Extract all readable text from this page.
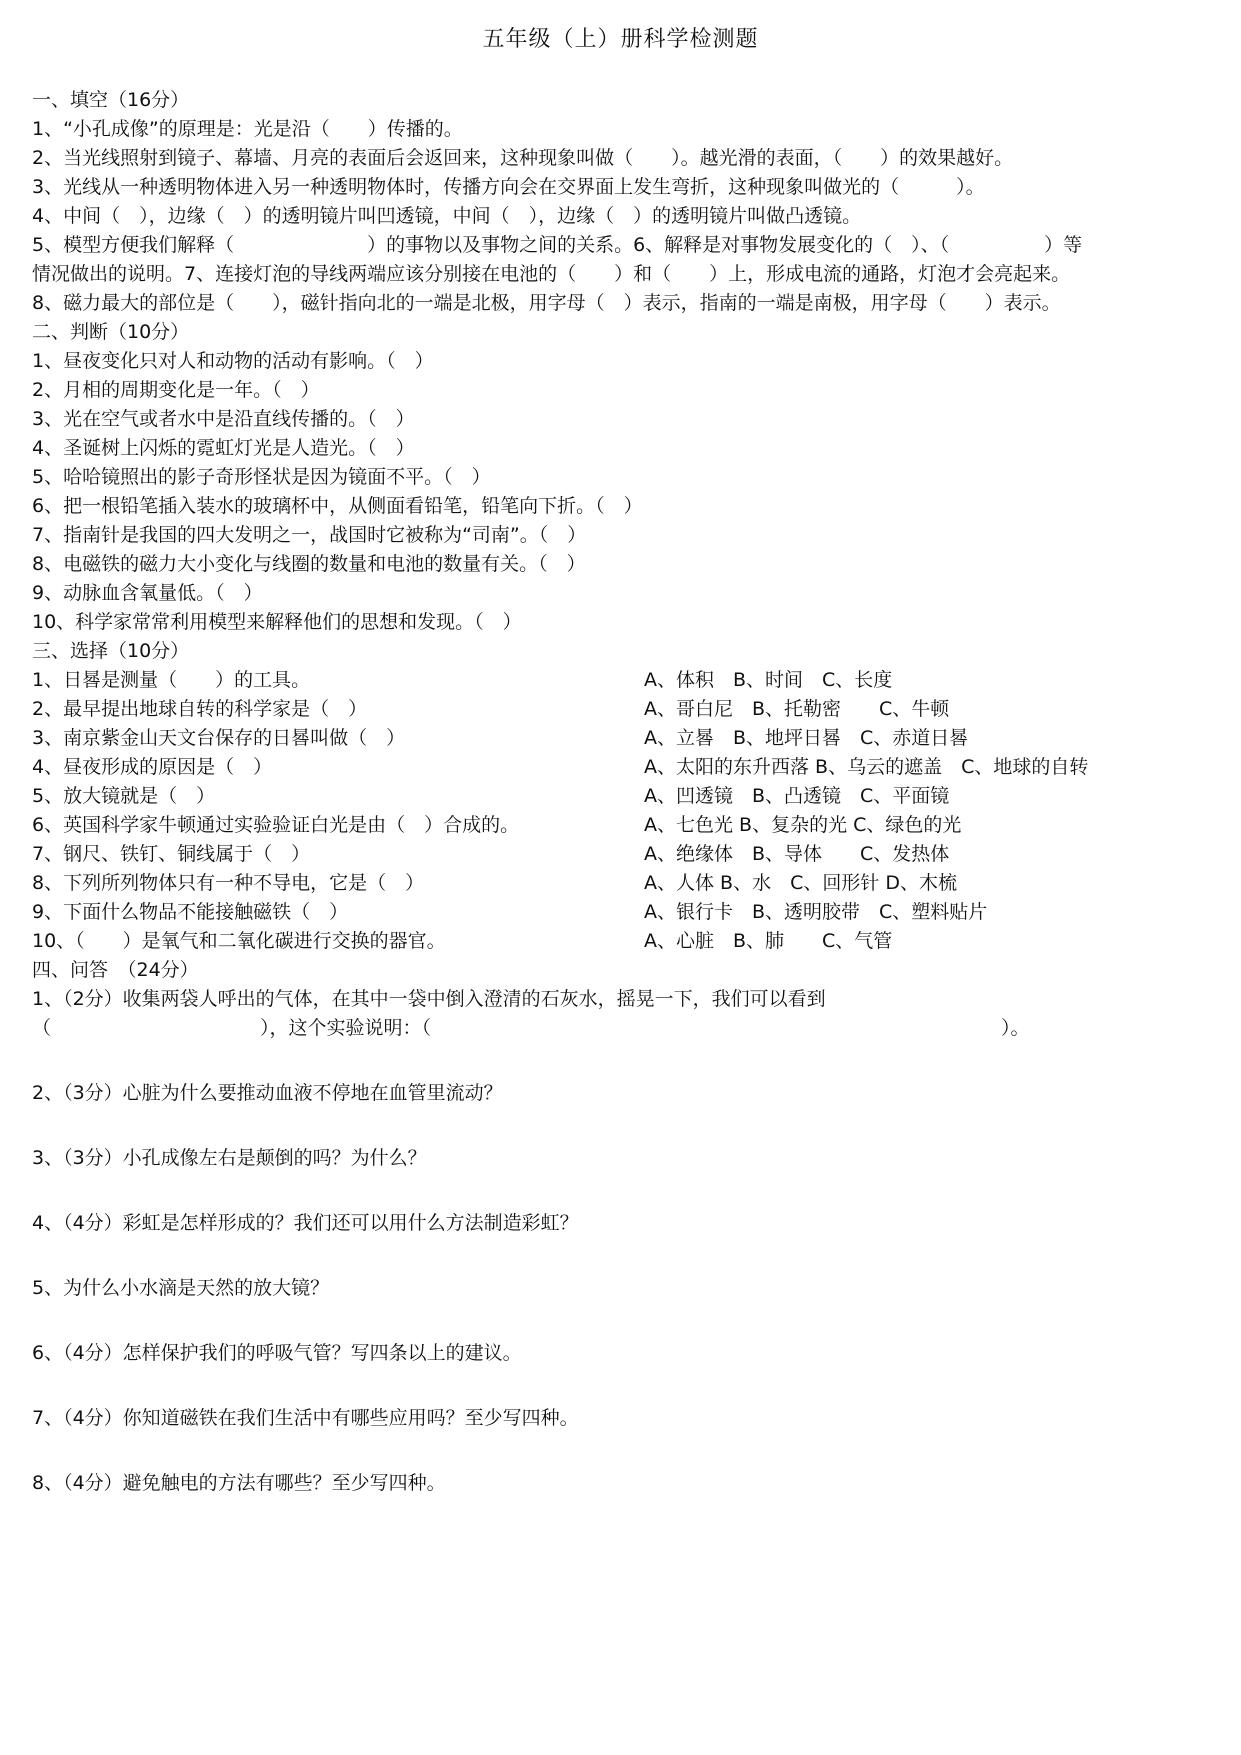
五年级（上）册科学检测题
一、填空（16分）
1、“小孔成像”的原理是：光是沿（　　）传播的。
2、当光线照射到镜子、幕墙、月亮的表面后会返回来，这种现象叫做（　　）。越光滑的表面，（　　）的效果越好。
3、光线从一种透明物体进入另一种透明物体时，传播方向会在交界面上发生弯折，这种现象叫做光的（　　　）。
4、中间（　），边缘（　）的透明镜片叫凹透镜，中间（　），边缘（　）的透明镜片叫做凸透镜。
5、模型方便我们解释（　　　　　　　）的事物以及事物之间的关系。6、解释是对事物发展变化的（　）、（　　　　　）等
情况做出的说明。7、连接灯泡的导线两端应该分别接在电池的（　　）和（　　）上，形成电流的通路，灯泡才会亮起来。
8、磁力最大的部位是（　　），磁针指向北的一端是北极，用字母（　）表示，指南的一端是南极，用字母（　　）表示。
二、判断（10分）
1、昼夜变化只对人和动物的活动有影响。（　）
2、月相的周期变化是一年。（　）
3、光在空气或者水中是沿直线传播的。（　）
4、圣诞树上闪烁的霓虹灯光是人造光。（　）
5、哈哈镜照出的影子奇形怪状是因为镜面不平。（　）
6、把一根铅笔插入装水的玻璃杯中，从侧面看铅笔，铅笔向下折。（　）
7、指南针是我国的四大发明之一，战国时它被称为“司南”。（　）
8、电磁铁的磁力大小变化与线圈的数量和电池的数量有关。（　）
9、动脉血含氧量低。（　）
10、科学家常常利用模型来解释他们的思想和发现。（　）
三、选择（10分）

1、日晷是测量（　　）的工具。

	A、体积　B、时间　C、长度

2、最早提出地球自转的科学家是（　）

	A、哥白尼　B、托勒密　　C、牛顿

3、南京紫金山天文台保存的日晷叫做（　）

	A、立晷　B、地坪日晷　C、赤道日晷

4、昼夜形成的原因是（　）

	A、太阳的东升西落 B、乌云的遮盖　C、地球的自转

5、放大镜就是（　）

	A、凹透镜　B、凸透镜　C、平面镜

6、英国科学家牛顿通过实验验证白光是由（　）合成的。

	A、七色光 B、复杂的光 C、绿色的光

7、钢尺、铁钉、铜线属于（　）

	A、绝缘体　B、导体　　C、发热体

8、下列所列物体只有一种不导电，它是（　）

	A、人体 B、水　C、回形针 D、木梳

9、下面什么物品不能接触磁铁（　）

	A、银行卡　B、透明胶带　C、塑料贴片

10、（　　）是氧气和二氧化碳进行交换的器官。

	A、心脏　B、肺　　C、气管

四、问答　（24分）
1、（2分）收集两袋人呼出的气体，在其中一袋中倒入澄清的石灰水，摇晃一下，我们可以看到
（　　　　　　　　　　　），这个实验说明：（　　　　　　　　　　　　　　　　　　　　　　　　　　　　　　）。
2、（3分）心脏为什么要推动血液不停地在血管里流动？
3、（3分）小孔成像左右是颠倒的吗？为什么？
4、（4分）彩虹是怎样形成的？我们还可以用什么方法制造彩虹？
5、为什么小水滴是天然的放大镜？
6、（4分）怎样保护我们的呼吸气管？写四条以上的建议。
7、（4分）你知道磁铁在我们生活中有哪些应用吗？至少写四种。
8、（4分）避免触电的方法有哪些？至少写四种。
